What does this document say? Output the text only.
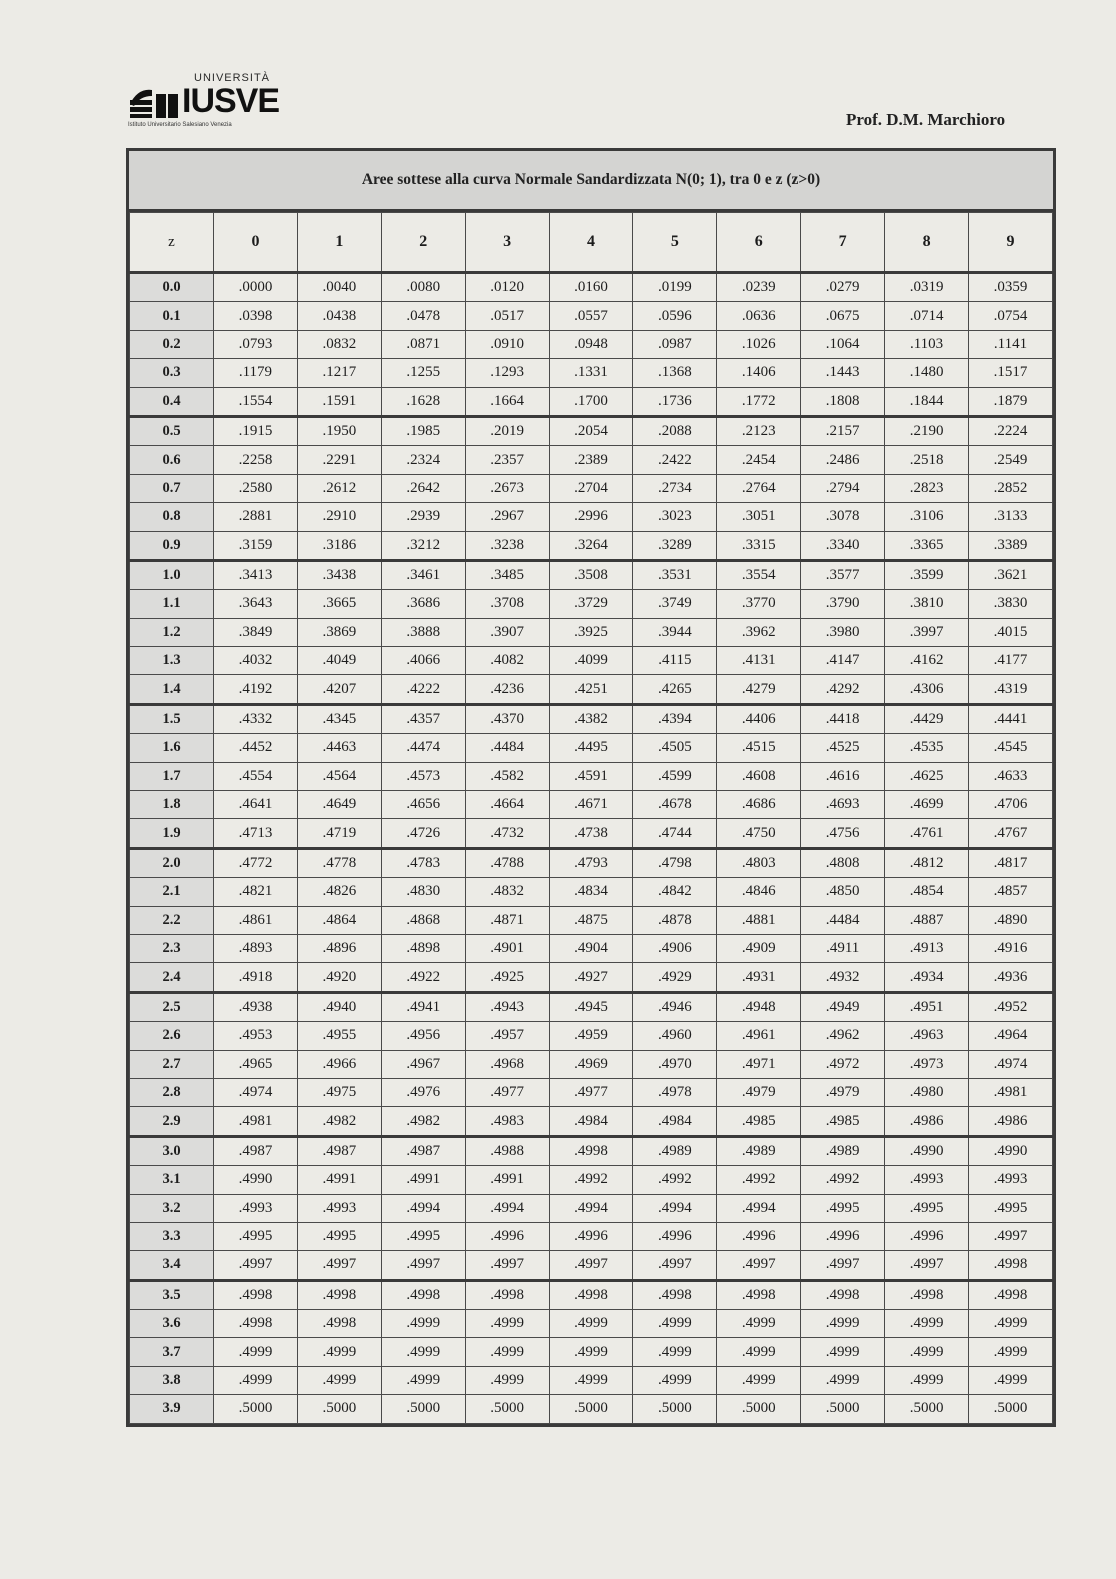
UNIVERSITÀ
IUSVE
Istituto Universitario Salesiano Venezia	Prof. D.M. Marchioro
Aree sottese alla curva Normale Sandardizzata N(0; 1), tra 0 e z (z>0)
z	0	1	2	3	4	5	6	7	8	9
0.0	.0000	.0040	.0080	.0120	.0160	.0199	.0239	.0279	.0319	.0359
0.1	.0398	.0438	.0478	.0517	.0557	.0596	.0636	.0675	.0714	.0754
0.2	.0793	.0832	.0871	.0910	.0948	.0987	.1026	.1064	.1103	.1141
0.3	.1179	.1217	.1255	.1293	.1331	.1368	.1406	.1443	.1480	.1517
0.4	.1554	.1591	.1628	.1664	.1700	.1736	.1772	.1808	.1844	.1879
0.5	.1915	.1950	.1985	.2019	.2054	.2088	.2123	.2157	.2190	.2224
0.6	.2258	.2291	.2324	.2357	.2389	.2422	.2454	.2486	.2518	.2549
0.7	.2580	.2612	.2642	.2673	.2704	.2734	.2764	.2794	.2823	.2852
0.8	.2881	.2910	.2939	.2967	.2996	.3023	.3051	.3078	.3106	.3133
0.9	.3159	.3186	.3212	.3238	.3264	.3289	.3315	.3340	.3365	.3389
1.0	.3413	.3438	.3461	.3485	.3508	.3531	.3554	.3577	.3599	.3621
1.1	.3643	.3665	.3686	.3708	.3729	.3749	.3770	.3790	.3810	.3830
1.2	.3849	.3869	.3888	.3907	.3925	.3944	.3962	.3980	.3997	.4015
1.3	.4032	.4049	.4066	.4082	.4099	.4115	.4131	.4147	.4162	.4177
1.4	.4192	.4207	.4222	.4236	.4251	.4265	.4279	.4292	.4306	.4319
1.5	.4332	.4345	.4357	.4370	.4382	.4394	.4406	.4418	.4429	.4441
1.6	.4452	.4463	.4474	.4484	.4495	.4505	.4515	.4525	.4535	.4545
1.7	.4554	.4564	.4573	.4582	.4591	.4599	.4608	.4616	.4625	.4633
1.8	.4641	.4649	.4656	.4664	.4671	.4678	.4686	.4693	.4699	.4706
1.9	.4713	.4719	.4726	.4732	.4738	.4744	.4750	.4756	.4761	.4767
2.0	.4772	.4778	.4783	.4788	.4793	.4798	.4803	.4808	.4812	.4817
2.1	.4821	.4826	.4830	.4832	.4834	.4842	.4846	.4850	.4854	.4857
2.2	.4861	.4864	.4868	.4871	.4875	.4878	.4881	.4484	.4887	.4890
2.3	.4893	.4896	.4898	.4901	.4904	.4906	.4909	.4911	.4913	.4916
2.4	.4918	.4920	.4922	.4925	.4927	.4929	.4931	.4932	.4934	.4936
2.5	.4938	.4940	.4941	.4943	.4945	.4946	.4948	.4949	.4951	.4952
2.6	.4953	.4955	.4956	.4957	.4959	.4960	.4961	.4962	.4963	.4964
2.7	.4965	.4966	.4967	.4968	.4969	.4970	.4971	.4972	.4973	.4974
2.8	.4974	.4975	.4976	.4977	.4977	.4978	.4979	.4979	.4980	.4981
2.9	.4981	.4982	.4982	.4983	.4984	.4984	.4985	.4985	.4986	.4986
3.0	.4987	.4987	.4987	.4988	.4998	.4989	.4989	.4989	.4990	.4990
3.1	.4990	.4991	.4991	.4991	.4992	.4992	.4992	.4992	.4993	.4993
3.2	.4993	.4993	.4994	.4994	.4994	.4994	.4994	.4995	.4995	.4995
3.3	.4995	.4995	.4995	.4996	.4996	.4996	.4996	.4996	.4996	.4997
3.4	.4997	.4997	.4997	.4997	.4997	.4997	.4997	.4997	.4997	.4998
3.5	.4998	.4998	.4998	.4998	.4998	.4998	.4998	.4998	.4998	.4998
3.6	.4998	.4998	.4999	.4999	.4999	.4999	.4999	.4999	.4999	.4999
3.7	.4999	.4999	.4999	.4999	.4999	.4999	.4999	.4999	.4999	.4999
3.8	.4999	.4999	.4999	.4999	.4999	.4999	.4999	.4999	.4999	.4999
3.9	.5000	.5000	.5000	.5000	.5000	.5000	.5000	.5000	.5000	.5000
